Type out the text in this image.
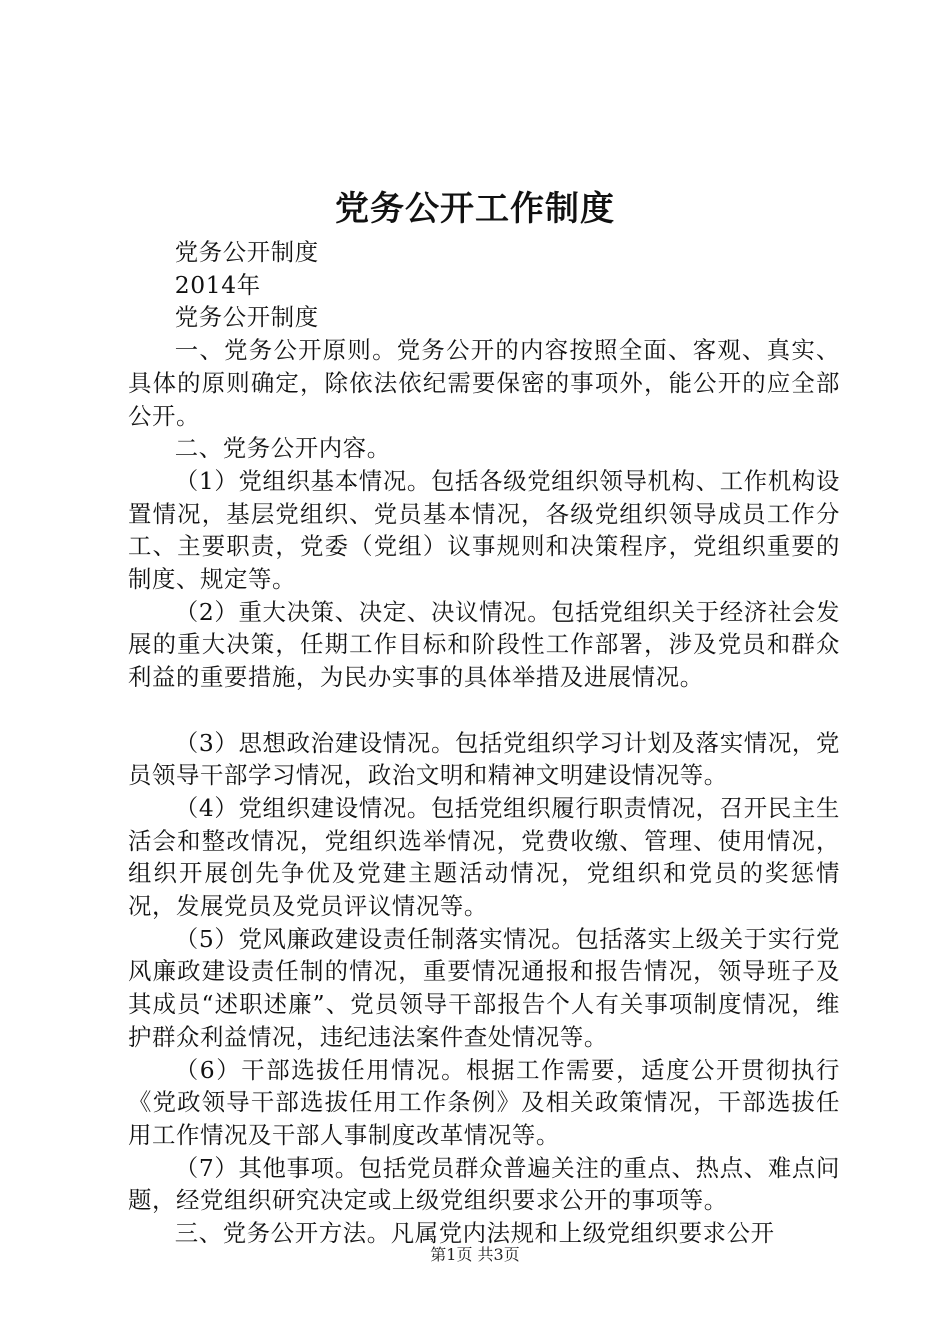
党务公开工作制度

党务公开制度

2014年

党务公开制度

一、党务公开原则。党务公开的内容按照全面、客观、真实、具体的原则确定，除依法依纪需要保密的事项外，能公开的应全部公开。

二、党务公开内容。

（1）党组织基本情况。包括各级党组织领导机构、工作机构设置情况，基层党组织、党员基本情况，各级党组织领导成员工作分工、主要职责，党委（党组）议事规则和决策程序，党组织重要的制度、规定等。

（2）重大决策、决定、决议情况。包括党组织关于经济社会发展的重大决策，任期工作目标和阶段性工作部署，涉及党员和群众利益的重要措施，为民办实事的具体举措及进展情况。

（3）思想政治建设情况。包括党组织学习计划及落实情况，党员领导干部学习情况，政治文明和精神文明建设情况等。

（4）党组织建设情况。包括党组织履行职责情况，召开民主生活会和整改情况，党组织选举情况，党费收缴、管理、使用情况，组织开展创先争优及党建主题活动情况，党组织和党员的奖惩情况，发展党员及党员评议情况等。

（5）党风廉政建设责任制落实情况。包括落实上级关于实行党风廉政建设责任制的情况，重要情况通报和报告情况，领导班子及其成员“述职述廉”、党员领导干部报告个人有关事项制度情况，维护群众利益情况，违纪违法案件查处情况等。

（6）干部选拔任用情况。根据工作需要，适度公开贯彻执行《党政领导干部选拔任用工作条例》及相关政策情况，干部选拔任用工作情况及干部人事制度改革情况等。

（7）其他事项。包括党员群众普遍关注的重点、热点、难点问题，经党组织研究决定或上级党组织要求公开的事项等。

三、党务公开方法。凡属党内法规和上级党组织要求公开

第1页 共3页
